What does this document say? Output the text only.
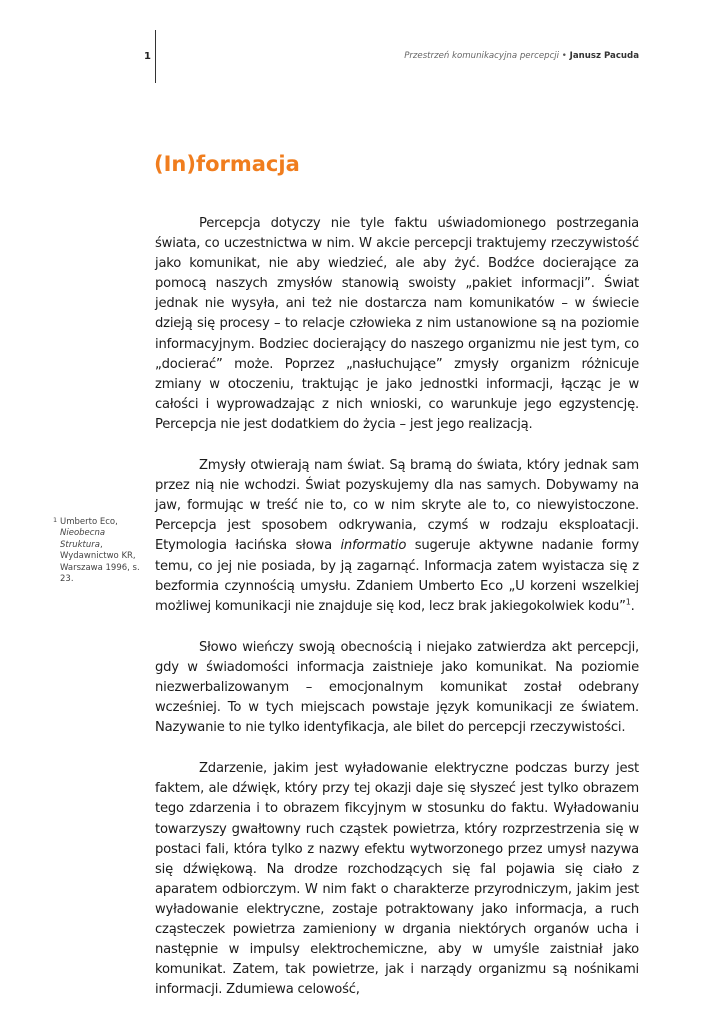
1	Przestrzeń komunikacyjna percepcji • Janusz Pacuda
(In)formacja

Percepcja dotyczy nie tyle faktu uświadomionego postrzegania świata, co uczestnictwa w nim. W akcie percepcji traktujemy rzeczywistość jako komunikat, nie aby wiedzieć, ale aby żyć. Bodźce docierające za pomocą naszych zmysłów stanowią swoisty „pakiet informacji”. Świat jednak nie wysyła, ani też nie dostarcza nam komunikatów – w świecie dzieją się procesy – to relacje człowieka z nim ustanowione są na poziomie informacyjnym. Bodziec docierający do naszego organizmu nie jest tym, co „docierać” może. Poprzez „nasłuchujące” zmysły organizm różnicuje zmiany w otoczeniu, traktując je jako jednostki informacji, łącząc je w całości i wyprowadzając z nich wnioski, co warunkuje jego egzystencję. Percepcja nie jest dodatkiem do życia – jest jego realizacją.

Zmysły otwierają nam świat. Są bramą do świata, który jednak sam przez nią nie wchodzi. Świat pozyskujemy dla nas samych. Dobywamy na jaw, formując w treść nie to, co w nim skryte ale to, co niewyistoczone. Percepcja jest sposobem odkrywania, czymś w rodzaju eksploatacji. Etymologia łacińska słowa informatio sugeruje aktywne nadanie formy temu, co jej nie posiada, by ją zagarnąć. Informacja zatem wyistacza się z bezformia czynnością umysłu. Zdaniem Umberto Eco „U korzeni wszelkiej możliwej komunikacji nie znajduje się kod, lecz brak jakiegokolwiek kodu”$^1$.

Słowo wieńczy swoją obecnością i niejako zatwierdza akt percepcji, gdy w świadomości informacja zaistnieje jako komunikat. Na poziomie niezwerbalizowanym – emocjonalnym komunikat został odebrany wcześniej. To w tych miejscach powstaje język komunikacji ze światem. Nazywanie to nie tylko identyfikacja, ale bilet do percepcji rzeczywistości.

Zdarzenie, jakim jest wyładowanie elektryczne podczas burzy jest faktem, ale dźwięk, który przy tej okazji daje się słyszeć jest tylko obrazem tego zdarzenia i to obrazem fikcyjnym w stosunku do faktu. Wyładowaniu towarzyszy gwałtowny ruch cząstek powietrza, który rozprzestrzenia się w postaci fali, która tylko z nazwy efektu wytworzonego przez umysł nazywa się dźwiękową. Na drodze rozchodzących się fal pojawia się ciało z aparatem odbiorczym. W nim fakt o charakterze przyrodniczym, jakim jest wyładowanie elektryczne, zostaje potraktowany jako informacja, a ruch cząsteczek powietrza zamieniony w drgania niektórych organów ucha i następnie w impulsy elektrochemiczne, aby w umyśle zaistniał jako komunikat. Zatem, tak powietrze, jak i narządy organizmu są nośnikami informacji. Zdumiewa celowość,

1 Umberto Eco,
Nieobecna Struktura, Wydawnictwo KR, Warszawa 1996, s. 23.
